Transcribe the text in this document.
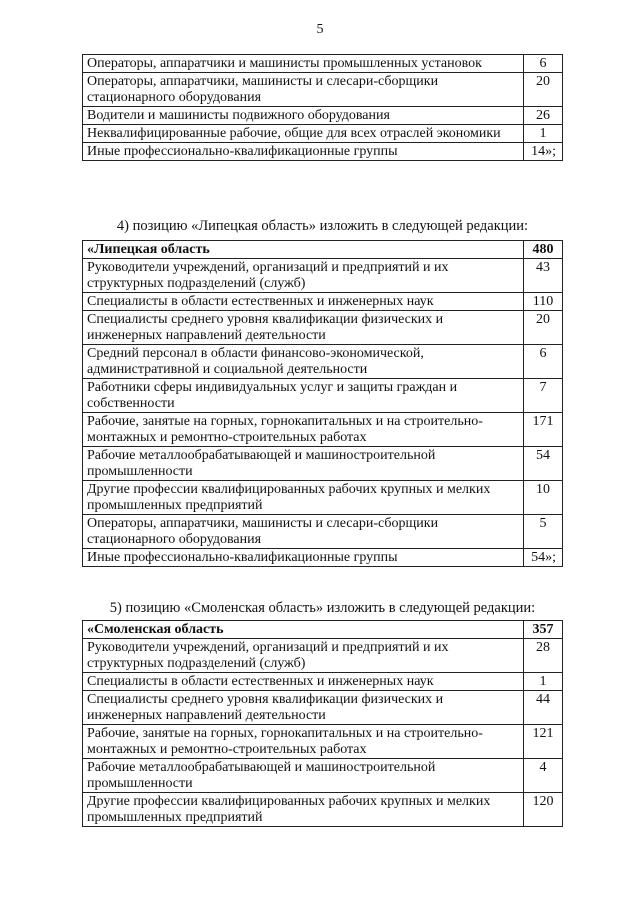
5
Операторы, аппаратчики и машинисты промышленных установок	6
Операторы, аппаратчики, машинисты и слесари-сборщики стационарного оборудования	20
Водители и машинисты подвижного оборудования	26
Неквалифицированные рабочие, общие для всех отраслей экономики	1
Иные профессионально-квалификационные группы	14»;
4) позицию «Липецкая область» изложить в следующей редакции:
«Липецкая область	480
Руководители учреждений, организаций и предприятий и их структурных подразделений (служб)	43
Специалисты в области естественных и инженерных наук	110
Специалисты среднего уровня квалификации физических и инженерных направлений деятельности	20
Средний персонал в области финансово-экономической, административной и социальной деятельности	6
Работники сферы индивидуальных услуг и защиты граждан и собственности	7
Рабочие, занятые на горных, горнокапитальных и на строительно-монтажных и ремонтно-строительных работах	171
Рабочие металлообрабатывающей и машиностроительной промышленности	54
Другие профессии квалифицированных рабочих крупных и мелких промышленных предприятий	10
Операторы, аппаратчики, машинисты и слесари-сборщики стационарного оборудования	5
Иные профессионально-квалификационные группы	54»;
5) позицию «Смоленская область» изложить в следующей редакции:
«Смоленская область	357
Руководители учреждений, организаций и предприятий и их структурных подразделений (служб)	28
Специалисты в области естественных и инженерных наук	1
Специалисты среднего уровня квалификации физических и инженерных направлений деятельности	44
Рабочие, занятые на горных, горнокапитальных и на строительно-монтажных и ремонтно-строительных работах	121
Рабочие металлообрабатывающей и машиностроительной промышленности	4
Другие профессии квалифицированных рабочих крупных и мелких промышленных предприятий	120
